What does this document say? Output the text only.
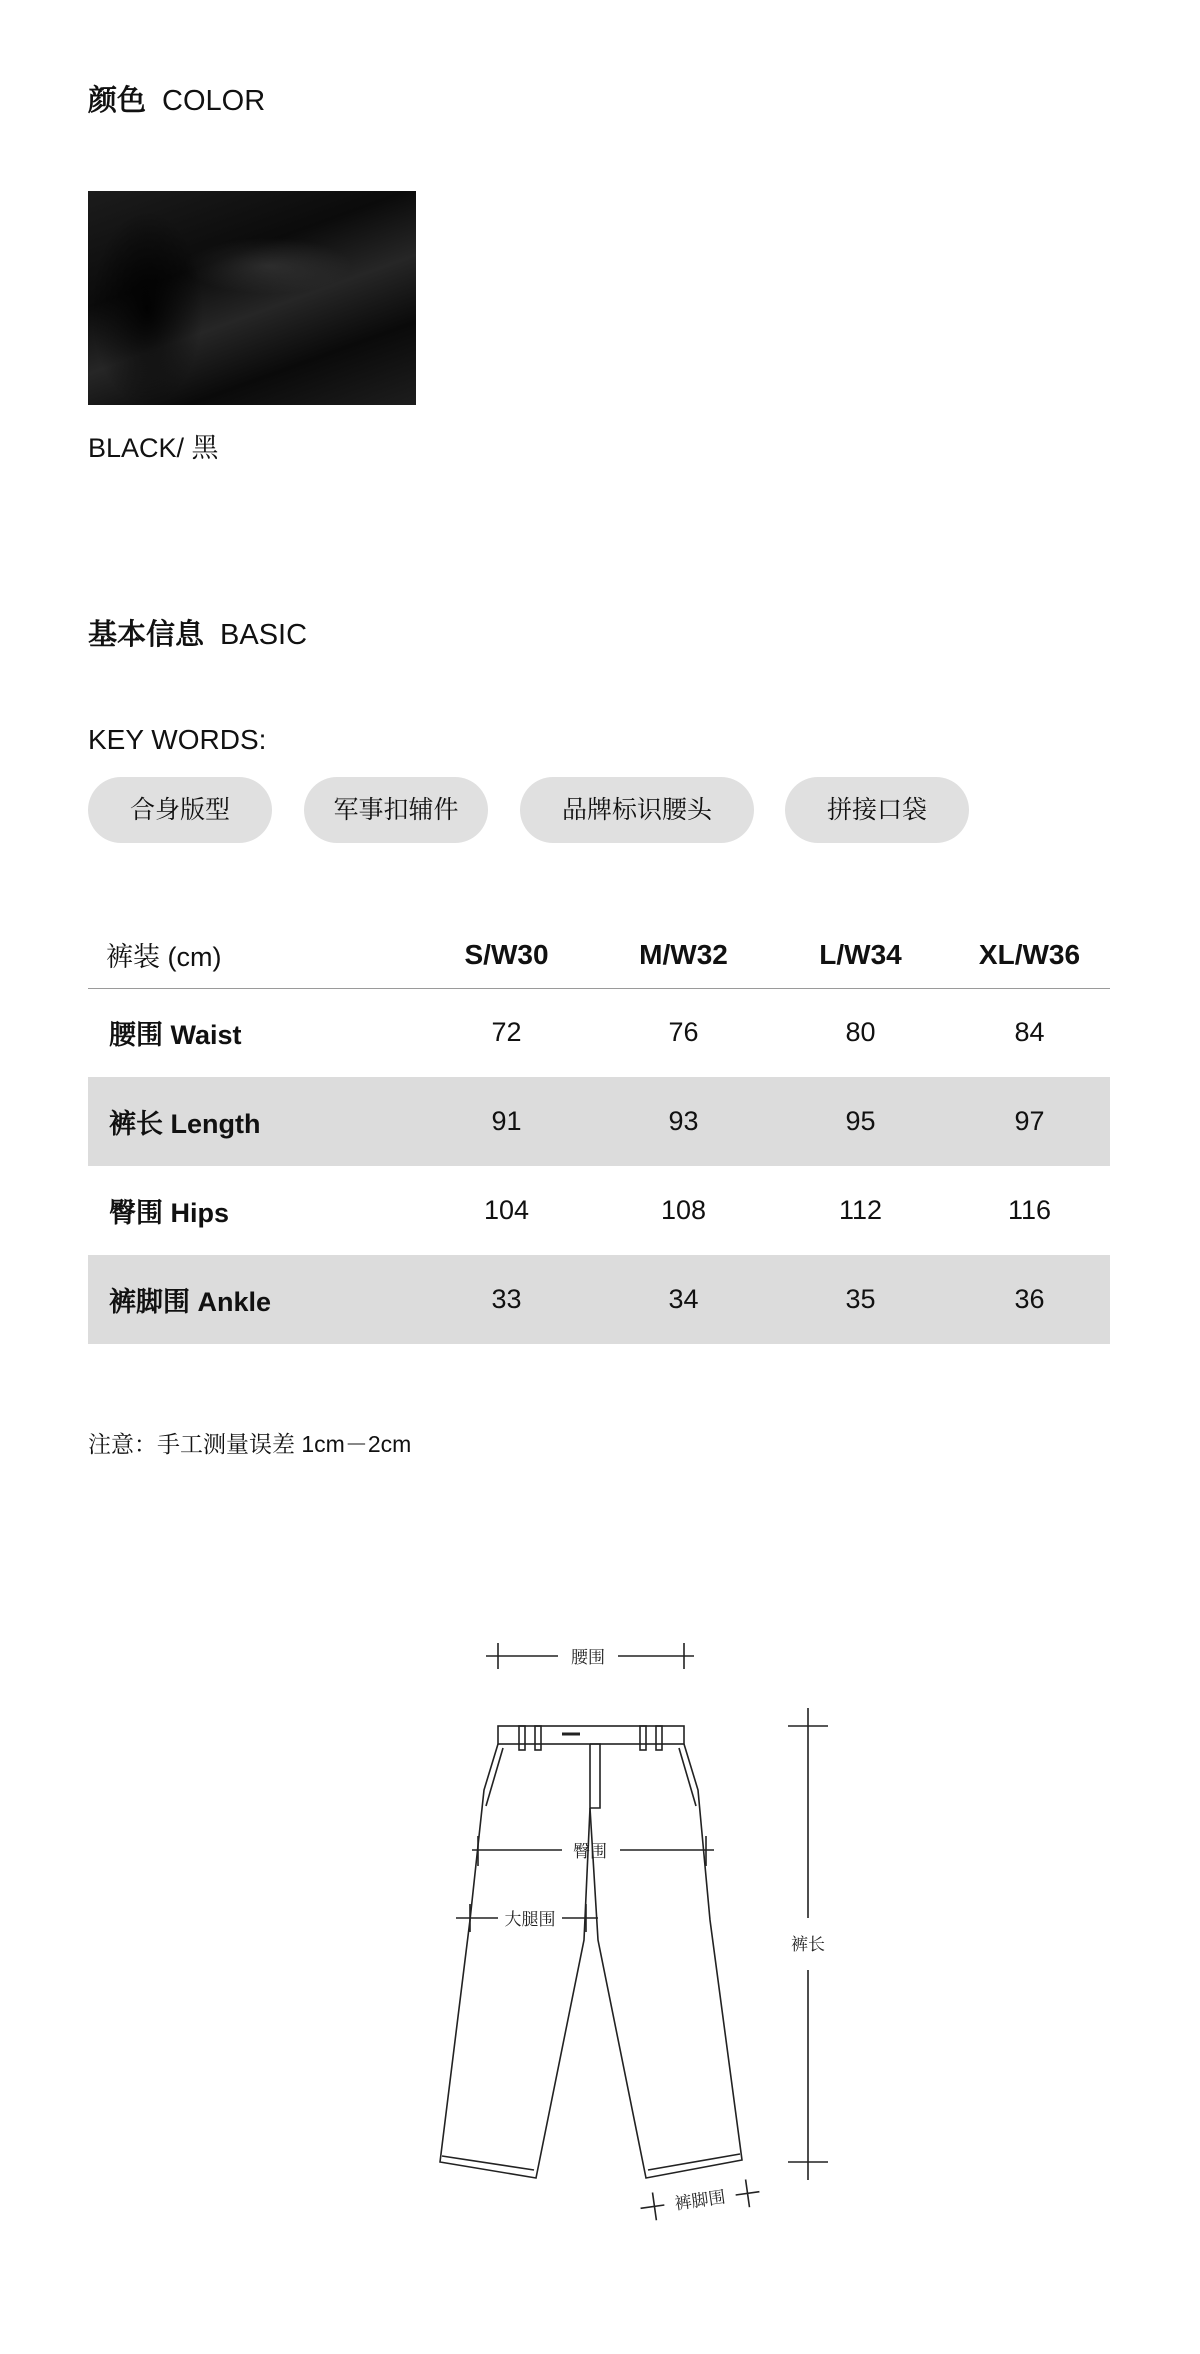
颜色 COLOR
BLACK/ 黑
基本信息 BASIC
KEY WORDS:
合身版型	军事扣辅件	品牌标识腰头	拼接口袋
裤装 (cm)	S/W30	M/W32	L/W34	XL/W36
腰围 Waist	72	76	80	84
裤长 Length	91	93	95	97
臀围 Hips	104	108	112	116
裤脚围 Ankle	33	34	35	36
注意：手工测量误差 1cm－2cm
腰围
臀围
大腿围
裤长
裤脚围
